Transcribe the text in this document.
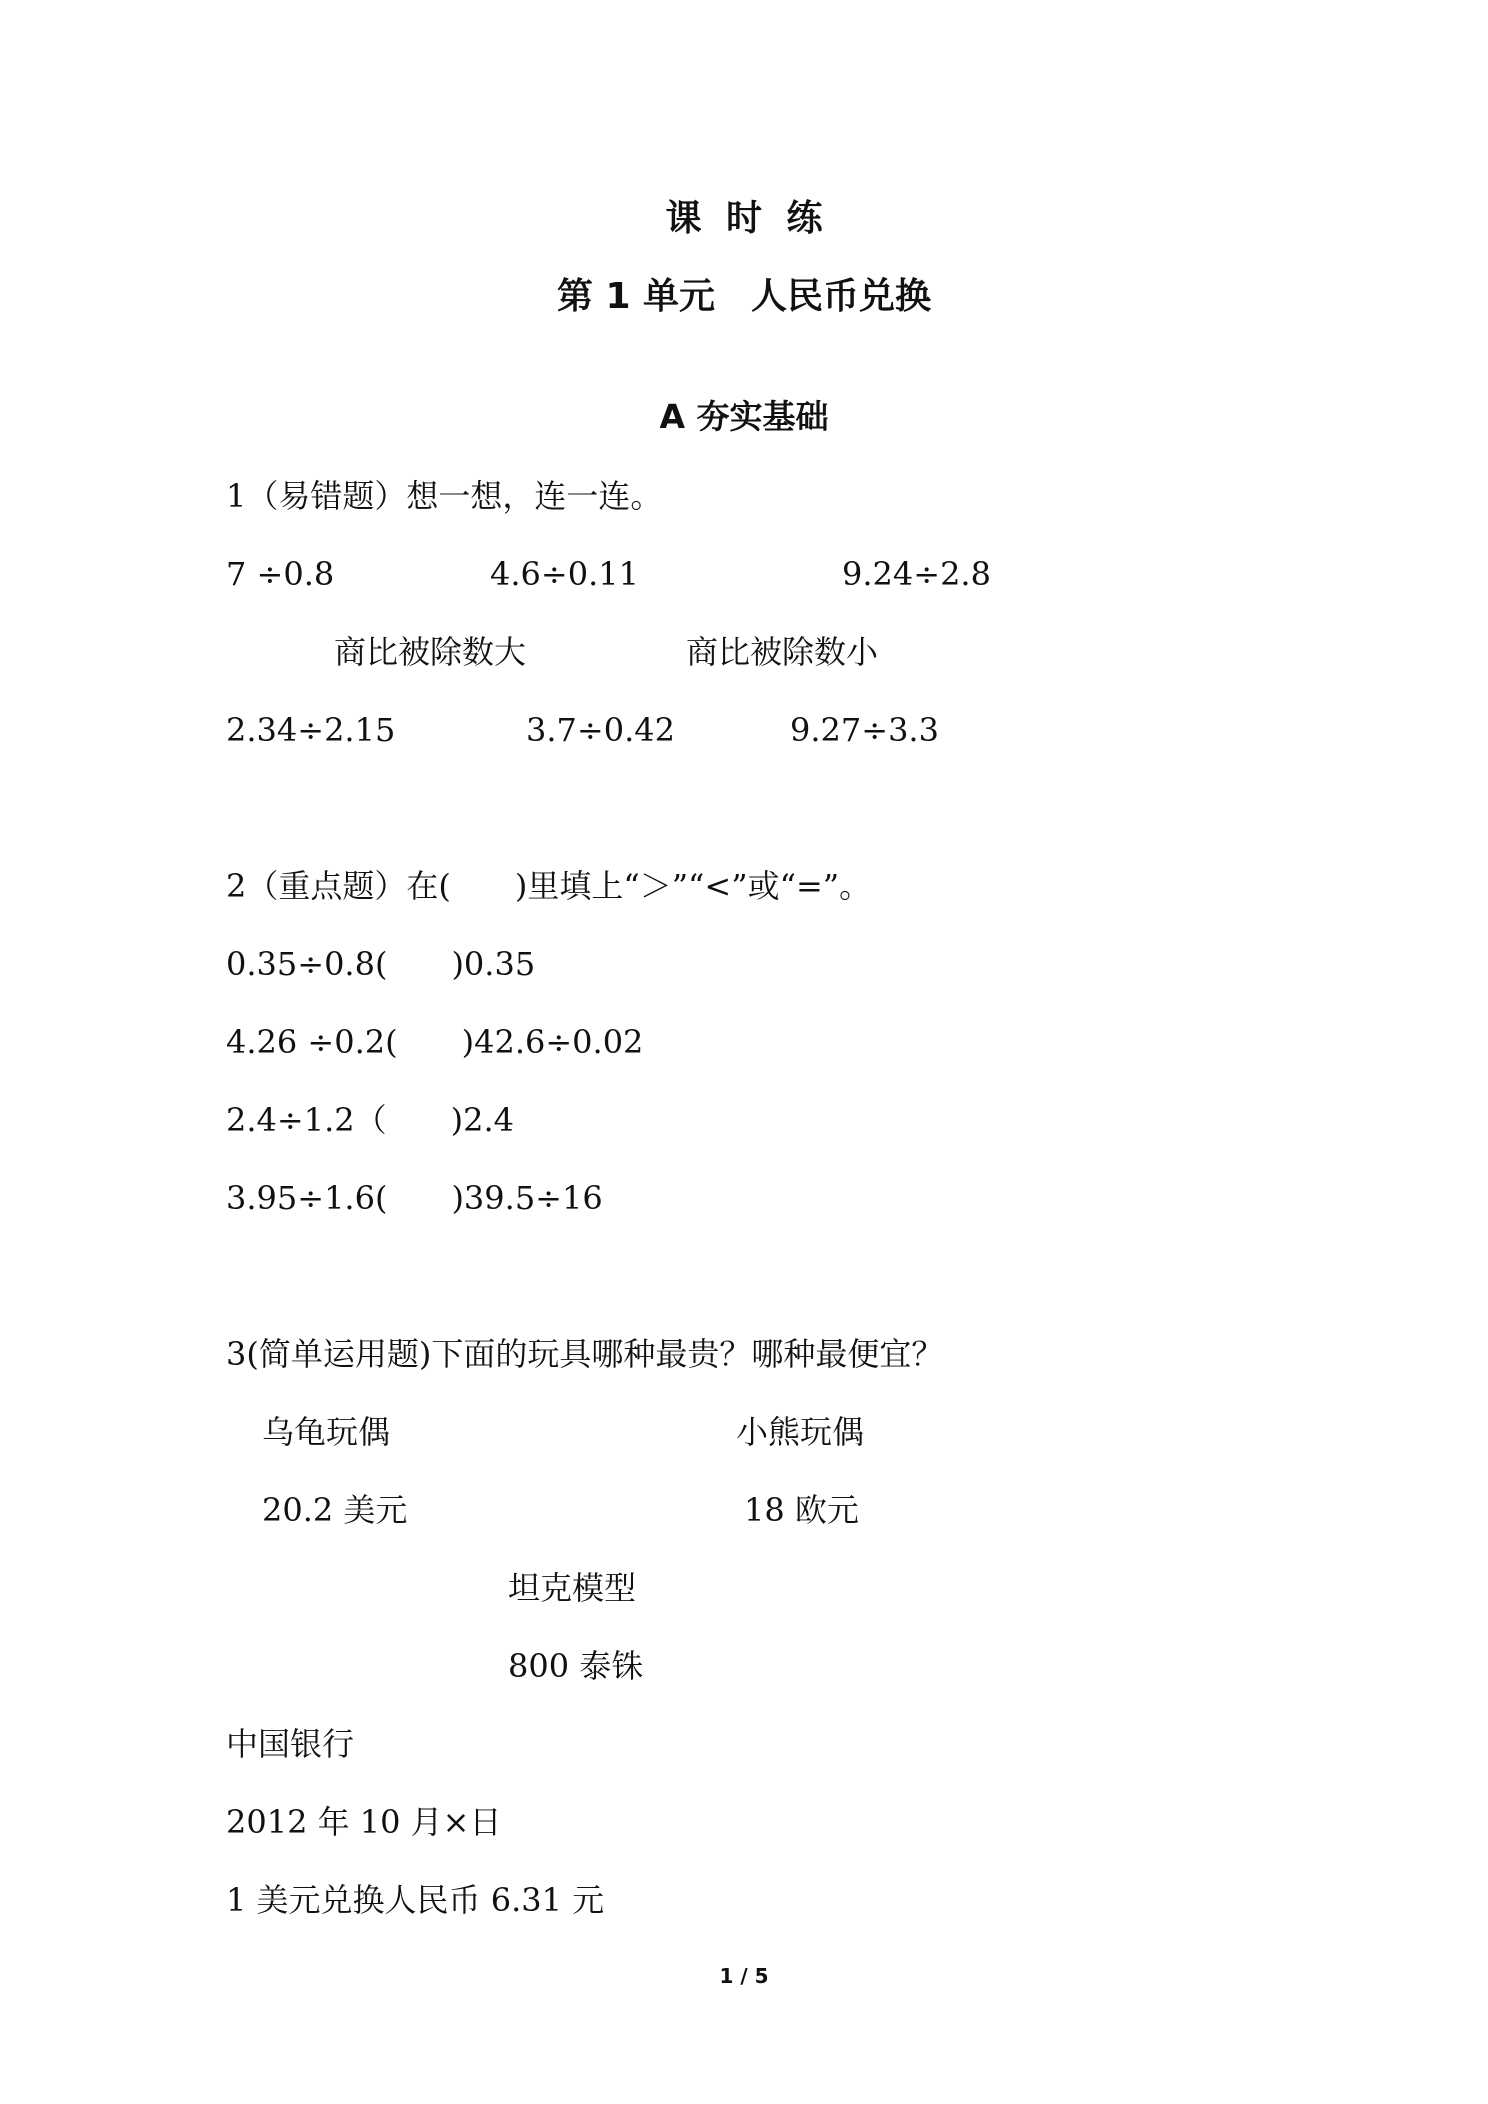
课 时 练
第 1 单元　人民币兑换
A 夯实基础
1（易错题）想一想，连一连。
7 ÷0.8	4.6÷0.11	9.24÷2.8
商比被除数大	商比被除数小
2.34÷2.15	3.7÷0.42	9.27÷3.3
2（重点题）在(　　)里填上“＞”“<”或“=”。
0.35÷0.8(　　)0.35
4.26 ÷0.2(　　)42.6÷0.02
2.4÷1.2（　　)2.4
3.95÷1.6(　　)39.5÷16
3(简单运用题)下面的玩具哪种最贵？哪种最便宜？
乌龟玩偶	小熊玩偶
20.2 美元	18 欧元
坦克模型
800 泰铢
中国银行
2012 年 10 月×日
1 美元兑换人民币 6.31 元
1 / 5
